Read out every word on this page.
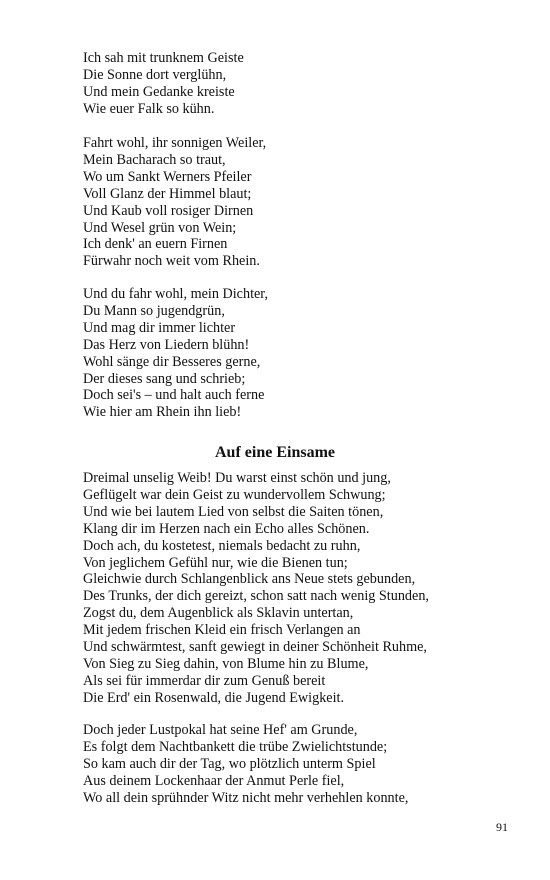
Ich sah mit trunknem Geiste
Die Sonne dort verglühn,
Und mein Gedanke kreiste
Wie euer Falk so kühn.
Fahrt wohl, ihr sonnigen Weiler,
Mein Bacharach so traut,
Wo um Sankt Werners Pfeiler
Voll Glanz der Himmel blaut;
Und Kaub voll rosiger Dirnen
Und Wesel grün von Wein;
Ich denk' an euern Firnen
Fürwahr noch weit vom Rhein.
Und du fahr wohl, mein Dichter,
Du Mann so jugendgrün,
Und mag dir immer lichter
Das Herz von Liedern blühn!
Wohl sänge dir Besseres gerne,
Der dieses sang und schrieb;
Doch sei's – und halt auch ferne
Wie hier am Rhein ihn lieb!
Auf eine Einsame
Dreimal unselig Weib! Du warst einst schön und jung,
Geflügelt war dein Geist zu wundervollem Schwung;
Und wie bei lautem Lied von selbst die Saiten tönen,
Klang dir im Herzen nach ein Echo alles Schönen.
Doch ach, du kostetest, niemals bedacht zu ruhn,
Von jeglichem Gefühl nur, wie die Bienen tun;
Gleichwie durch Schlangenblick ans Neue stets gebunden,
Des Trunks, der dich gereizt, schon satt nach wenig Stunden,
Zogst du, dem Augenblick als Sklavin untertan,
Mit jedem frischen Kleid ein frisch Verlangen an
Und schwärmtest, sanft gewiegt in deiner Schönheit Ruhme,
Von Sieg zu Sieg dahin, von Blume hin zu Blume,
Als sei für immerdar dir zum Genuß bereit
Die Erd' ein Rosenwald, die Jugend Ewigkeit.
Doch jeder Lustpokal hat seine Hef' am Grunde,
Es folgt dem Nachtbankett die trübe Zwielichtstunde;
So kam auch dir der Tag, wo plötzlich unterm Spiel
Aus deinem Lockenhaar der Anmut Perle fiel,
Wo all dein sprühnder Witz nicht mehr verhehlen konnte,
91
